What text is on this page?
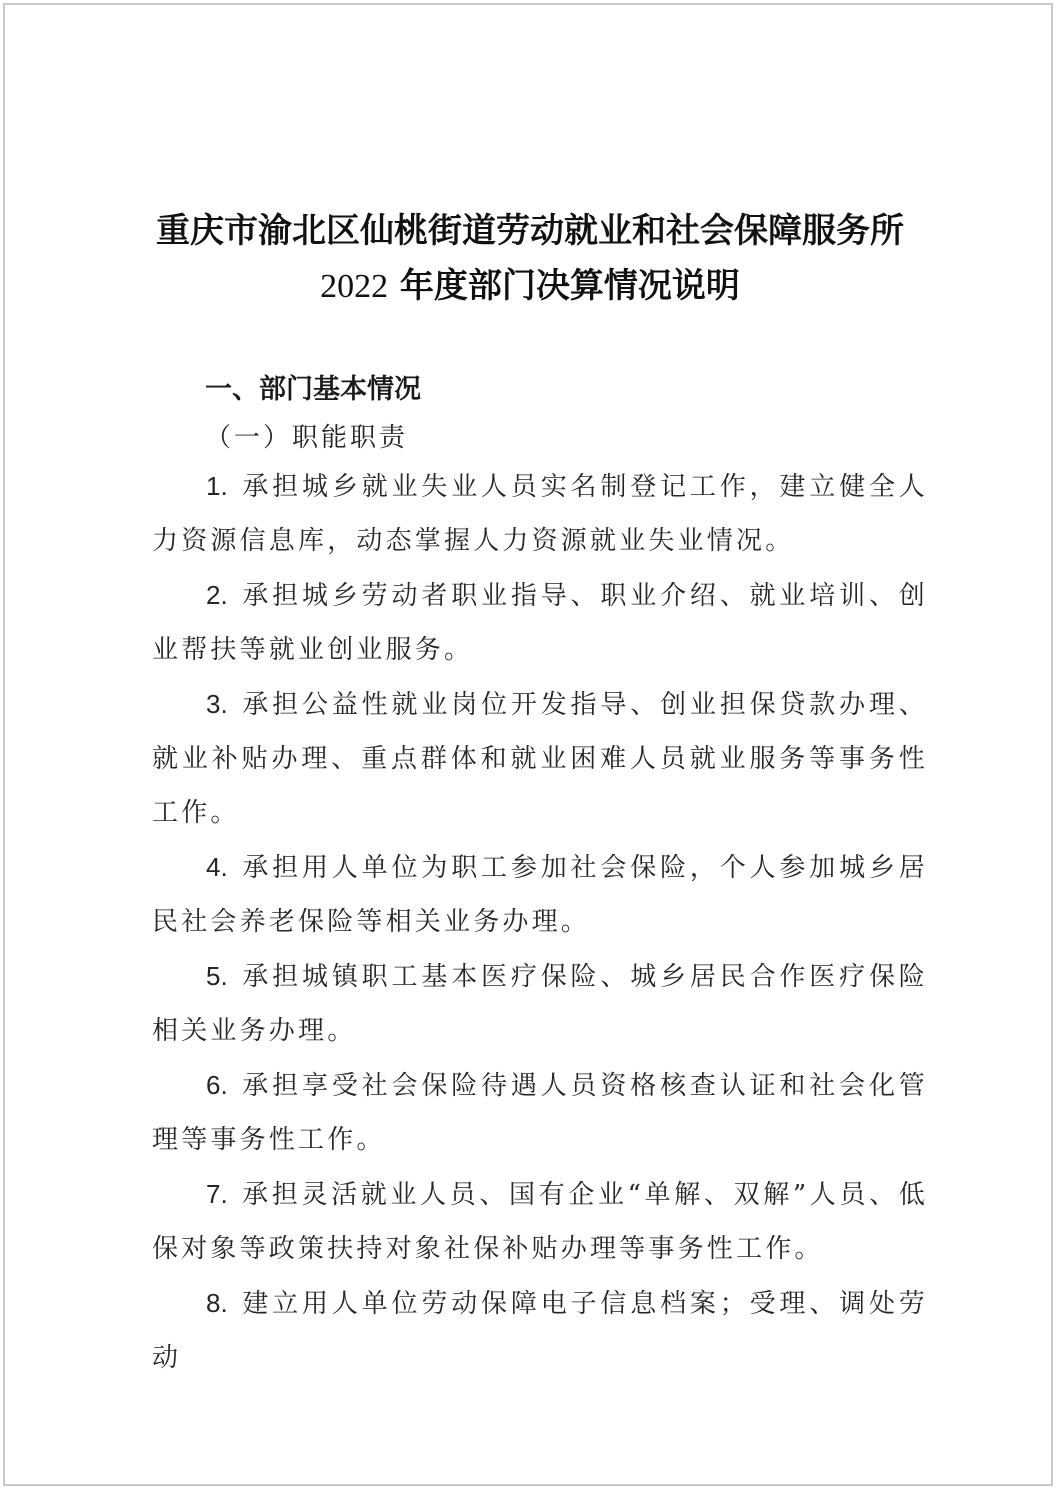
重庆市渝北区仙桃街道劳动就业和社会保障服务所
2022 年度部门决算情况说明
一、部门基本情况
（一）职能职责

1. 承担城乡就业失业人员实名制登记工作，建立健全人力资源信息库，动态掌握人力资源就业失业情况。

2. 承担城乡劳动者职业指导、职业介绍、就业培训、创业帮扶等就业创业服务。

3. 承担公益性就业岗位开发指导、创业担保贷款办理、就业补贴办理、重点群体和就业困难人员就业服务等事务性工作。

4. 承担用人单位为职工参加社会保险，个人参加城乡居民社会养老保险等相关业务办理。

5. 承担城镇职工基本医疗保险、城乡居民合作医疗保险相关业务办理。

6. 承担享受社会保险待遇人员资格核查认证和社会化管理等事务性工作。

7. 承担灵活就业人员、国有企业“单解、双解”人员、低保对象等政策扶持对象社保补贴办理等事务性工作。

8. 建立用人单位劳动保障电子信息档案；受理、调处劳动
